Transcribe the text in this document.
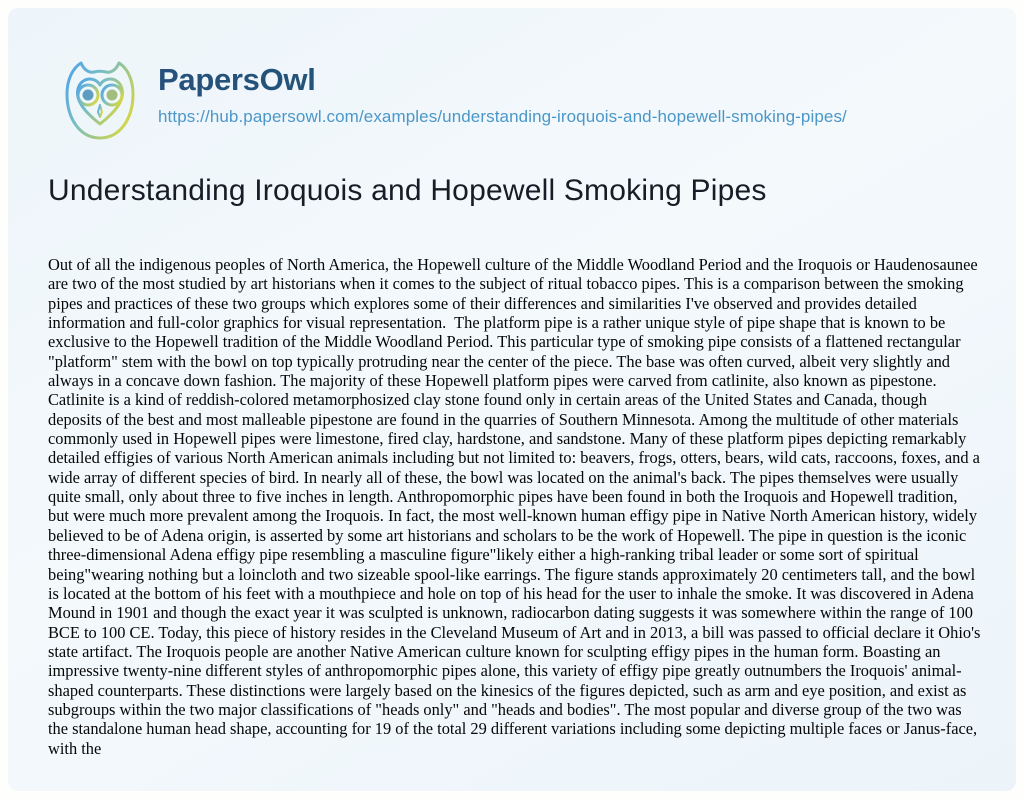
PapersOwl
https://hub.papersowl.com/examples/understanding-iroquois-and-hopewell-smoking-pipes/
Understanding Iroquois and Hopewell Smoking Pipes
Out of all the indigenous peoples of North America, the Hopewell culture of the Middle Woodland Period and the Iroquois or Haudenosaunee are two of the most studied by art historians when it comes to the subject of ritual tobacco pipes. This is a comparison between the smoking pipes and practices of these two groups which explores some of their differences and similarities I've observed and provides detailed information and full-color graphics for visual representation.  The platform pipe is a rather unique style of pipe shape that is known to be exclusive to the Hopewell tradition of the Middle Woodland Period. This particular type of smoking pipe consists of a flattened rectangular "platform" stem with the bowl on top typically protruding near the center of the piece. The base was often curved, albeit very slightly and always in a concave down fashion. The majority of these Hopewell platform pipes were carved from catlinite, also known as pipestone. Catlinite is a kind of reddish-colored metamorphosized clay stone found only in certain areas of the United States and Canada, though deposits of the best and most malleable pipestone are found in the quarries of Southern Minnesota. Among the multitude of other materials commonly used in Hopewell pipes were limestone, fired clay, hardstone, and sandstone. Many of these platform pipes depicting remarkably detailed effigies of various North American animals including but not limited to: beavers, frogs, otters, bears, wild cats, raccoons, foxes, and a wide array of different species of bird. In nearly all of these, the bowl was located on the animal's back. The pipes themselves were usually quite small, only about three to five inches in length. Anthropomorphic pipes have been found in both the Iroquois and Hopewell tradition, but were much more prevalent among the Iroquois. In fact, the most well-known human effigy pipe in Native North American history, widely believed to be of Adena origin, is asserted by some art historians and scholars to be the work of Hopewell. The pipe in question is the iconic three-dimensional Adena effigy pipe resembling a masculine figure"likely either a high-ranking tribal leader or some sort of spiritual being"wearing nothing but a loincloth and two sizeable spool-like earrings. The figure stands approximately 20 centimeters tall, and the bowl is located at the bottom of his feet with a mouthpiece and hole on top of his head for the user to inhale the smoke. It was discovered in Adena Mound in 1901 and though the exact year it was sculpted is unknown, radiocarbon dating suggests it was somewhere within the range of 100 BCE to 100 CE. Today, this piece of history resides in the Cleveland Museum of Art and in 2013, a bill was passed to official declare it Ohio's state artifact. The Iroquois people are another Native American culture known for sculpting effigy pipes in the human form. Boasting an impressive twenty-nine different styles of anthropomorphic pipes alone, this variety of effigy pipe greatly outnumbers the Iroquois' animal-shaped counterparts. These distinctions were largely based on the kinesics of the figures depicted, such as arm and eye position, and exist as subgroups within the two major classifications of "heads only" and "heads and bodies". The most popular and diverse group of the two was the standalone human head shape, accounting for 19 of the total 29 different variations including some depicting multiple faces or Janus-face, with the
